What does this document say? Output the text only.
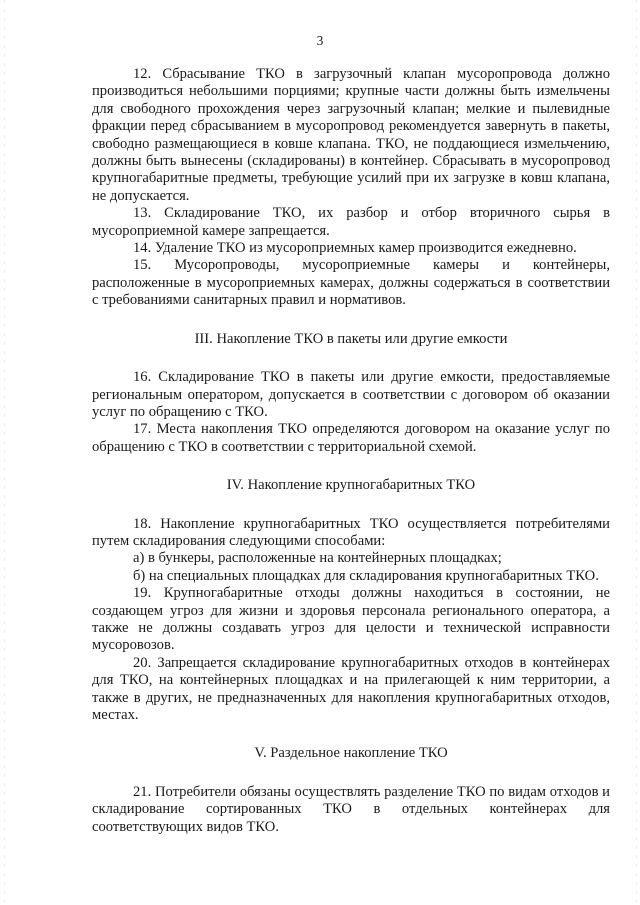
3

12. Сбрасывание ТКО в загрузочный клапан мусоропровода должно производиться небольшими порциями; крупные части должны быть измельчены для свободного прохождения через загрузочный клапан; мелкие и пылевидные фракции перед сбрасыванием в мусоропровод рекомендуется завернуть в пакеты, свободно размещающиеся в ковше клапана. ТКО, не поддающиеся измельчению, должны быть вынесены (складированы) в контейнер. Сбрасывать в мусоропровод крупногабаритные предметы, требующие усилий при их загрузке в ковш клапана, не допускается.

13. Складирование ТКО, их разбор и отбор вторичного сырья в мусороприемной камере запрещается.

14. Удаление ТКО из мусороприемных камер производится ежедневно.

15. Мусоропроводы, мусороприемные камеры и контейнеры, расположенные в мусороприемных камерах, должны содержаться в соответствии с требованиями санитарных правил и нормативов.

III. Накопление ТКО в пакеты или другие емкости

16. Складирование ТКО в пакеты или другие емкости, предоставляемые региональным оператором, допускается в соответствии с договором об оказании услуг по обращению с ТКО.

17. Места накопления ТКО определяются договором на оказание услуг по обращению с ТКО в соответствии с территориальной схемой.

IV. Накопление крупногабаритных ТКО

18. Накопление крупногабаритных ТКО осуществляется потребителями путем складирования следующими способами:

а) в бункеры, расположенные на контейнерных площадках;

б) на специальных площадках для складирования крупногабаритных ТКО.

19. Крупногабаритные отходы должны находиться в состоянии, не создающем угроз для жизни и здоровья персонала регионального оператора, а также не должны создавать угроз для целости и технической исправности мусоровозов.

20. Запрещается складирование крупногабаритных отходов в контейнерах для ТКО, на контейнерных площадках и на прилегающей к ним территории, а также в других, не предназначенных для накопления крупногабаритных отходов, местах.

V. Раздельное накопление ТКО

21. Потребители обязаны осуществлять разделение ТКО по видам отходов и складирование сортированных ТКО в отдельных контейнерах для соответствующих видов ТКО.
